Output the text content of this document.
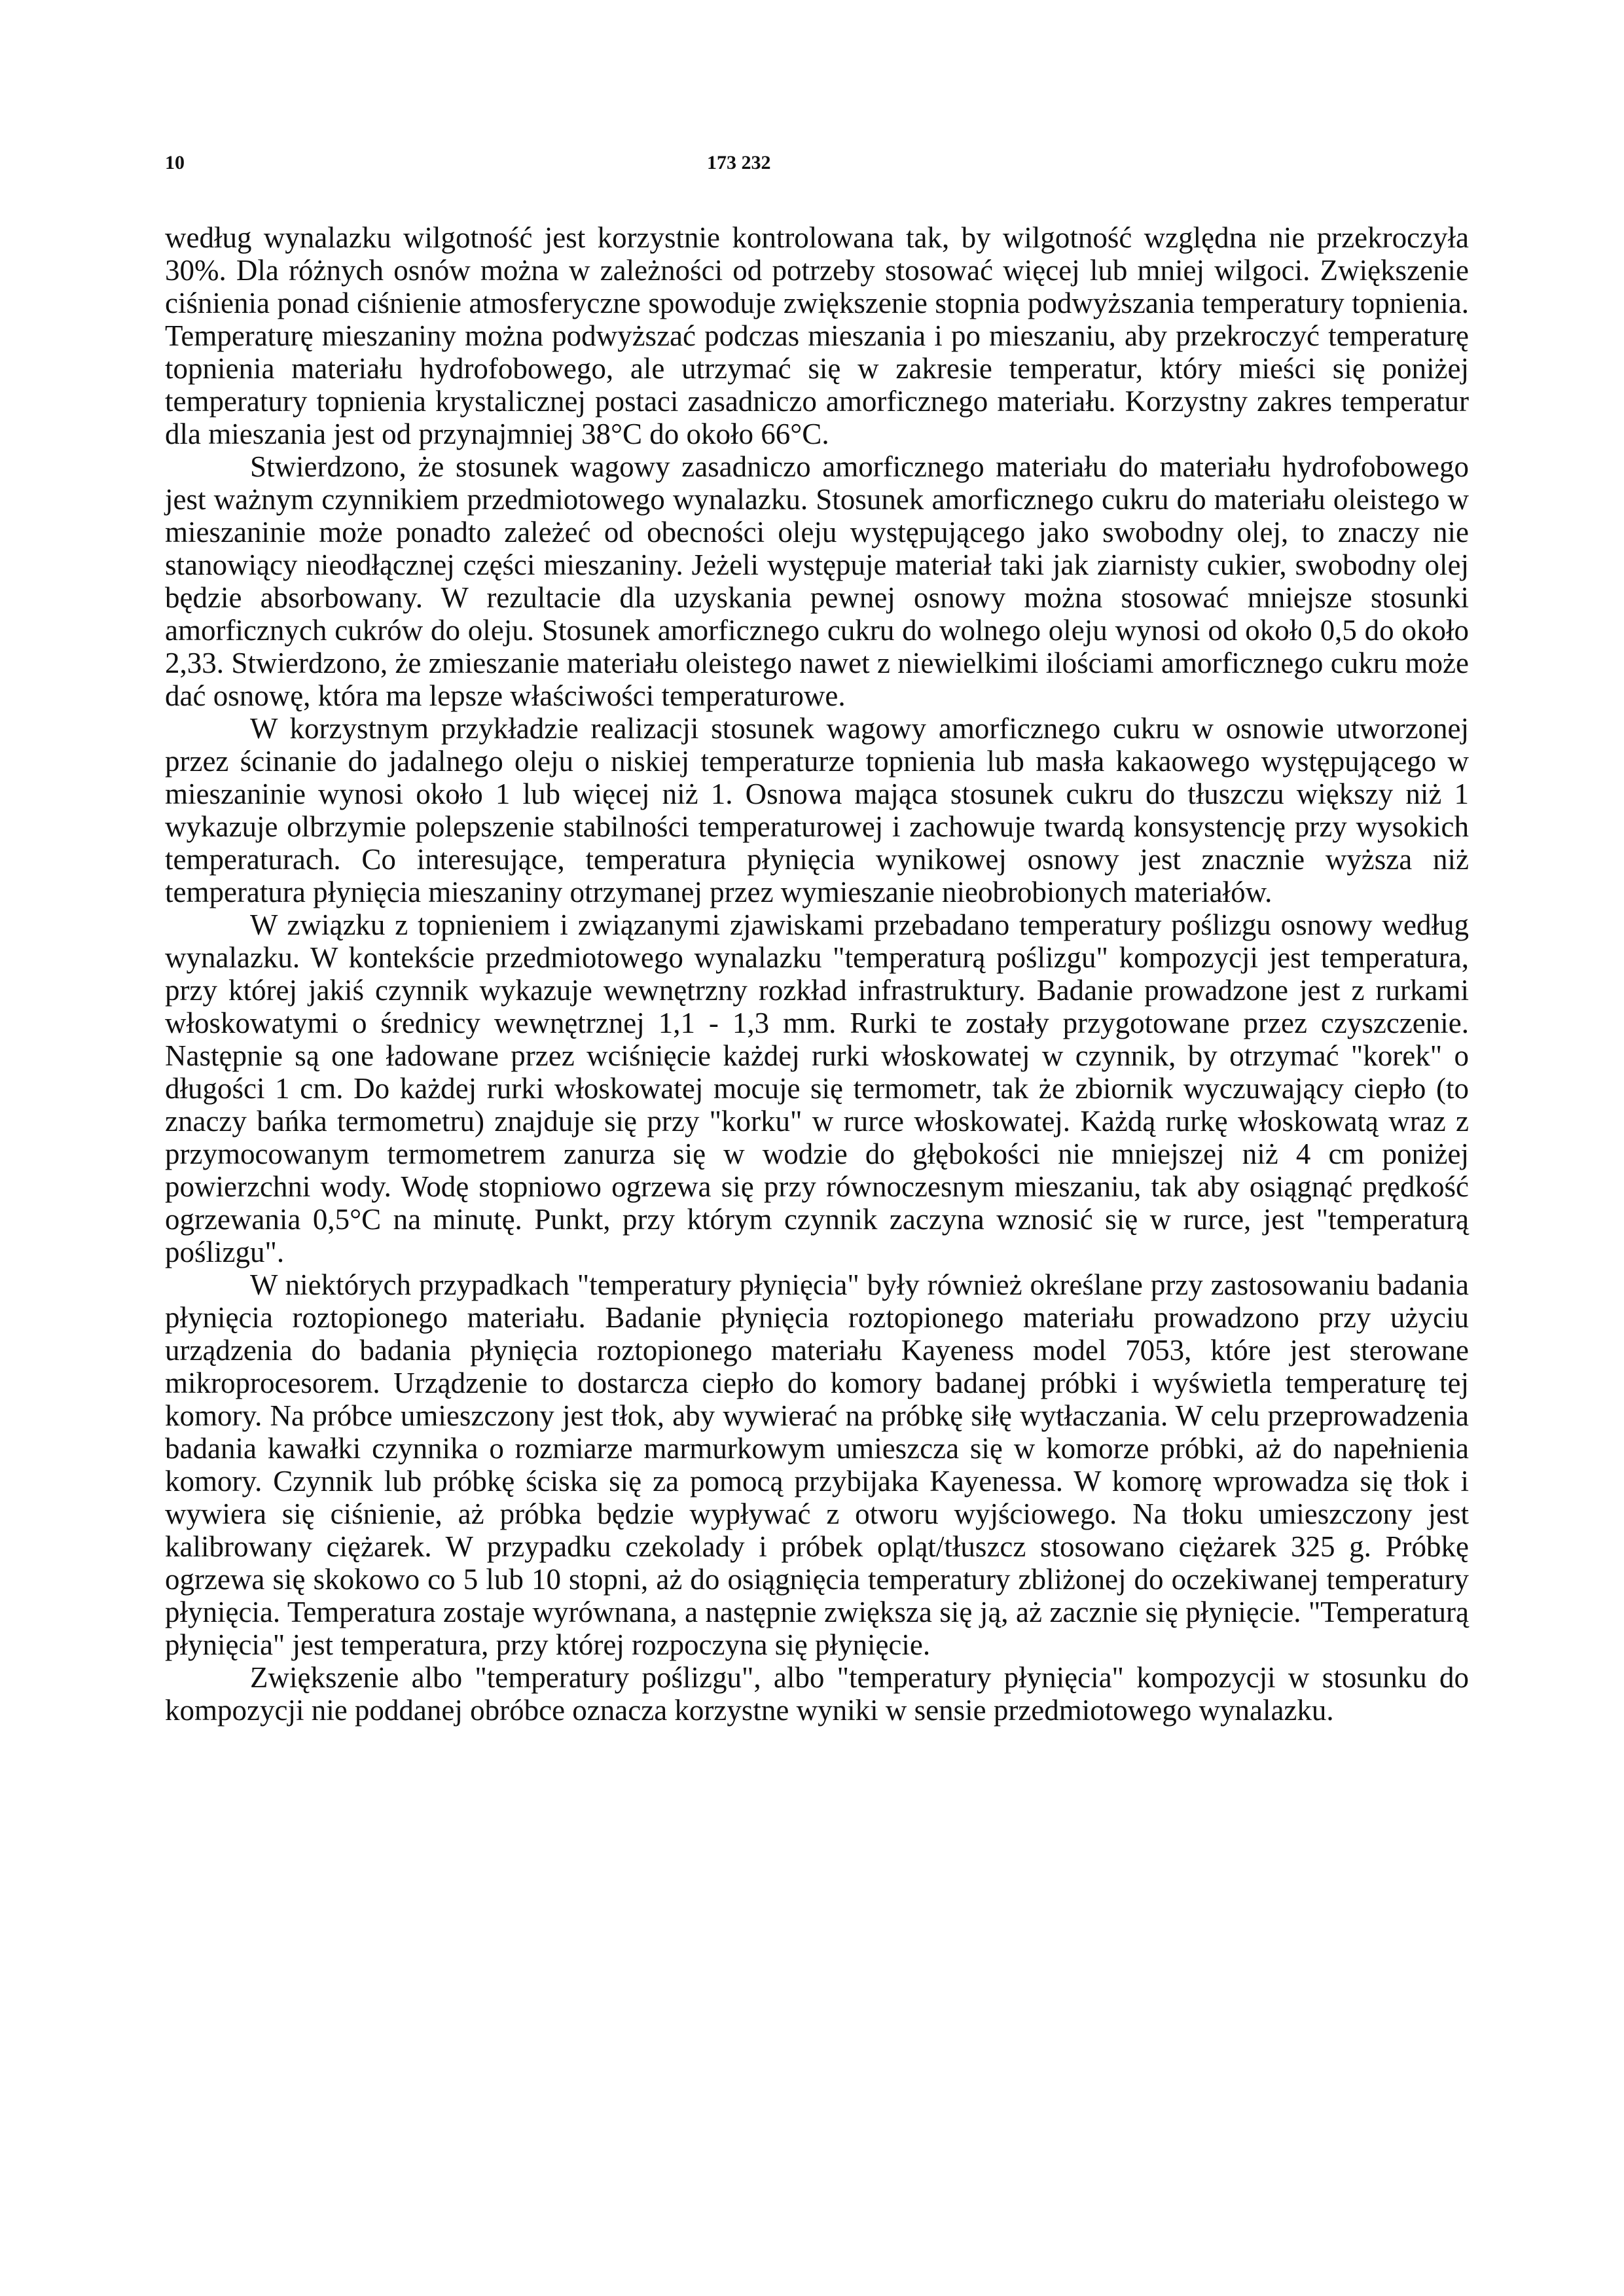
10	173 232

według wynalazku wilgotność jest korzystnie kontrolowana tak, by wilgotność względna nie przekroczyła 30%. Dla różnych osnów można w zależności od potrzeby stosować więcej lub mniej wilgoci. Zwiększenie ciśnienia ponad ciśnienie atmosferyczne spowoduje zwiększenie stopnia podwyższania temperatury topnienia. Temperaturę mieszaniny można podwyższać podczas mieszania i po mieszaniu, aby przekroczyć temperaturę topnienia materiału hydrofobowego, ale utrzymać się w zakresie temperatur, który mieści się poniżej temperatury topnienia krystalicznej postaci zasadniczo amorficznego materiału. Korzystny zakres temperatur dla mieszania jest od przynajmniej 38°C do około 66°C.

Stwierdzono, że stosunek wagowy zasadniczo amorficznego materiału do materiału hydrofobowego jest ważnym czynnikiem przedmiotowego wynalazku. Stosunek amorficznego cukru do materiału oleistego w mieszaninie może ponadto zależeć od obecności oleju występującego jako swobodny olej, to znaczy nie stanowiący nieodłącznej części mieszaniny. Jeżeli występuje materiał taki jak ziarnisty cukier, swobodny olej będzie absorbowany. W rezultacie dla uzyskania pewnej osnowy można stosować mniejsze stosunki amorficznych cukrów do oleju. Stosunek amorficznego cukru do wolnego oleju wynosi od około 0,5 do około 2,33. Stwierdzono, że zmieszanie materiału oleistego nawet z niewielkimi ilościami amorficznego cukru może dać osnowę, która ma lepsze właściwości temperaturowe.

W korzystnym przykładzie realizacji stosunek wagowy amorficznego cukru w osnowie utworzonej przez ścinanie do jadalnego oleju o niskiej temperaturze topnienia lub masła kakaowego występującego w mieszaninie wynosi około 1 lub więcej niż 1. Osnowa mająca stosunek cukru do tłuszczu większy niż 1 wykazuje olbrzymie polepszenie stabilności temperaturowej i zachowuje twardą konsystencję przy wysokich temperaturach. Co interesujące, temperatura płynięcia wynikowej osnowy jest znacznie wyższa niż temperatura płynięcia mieszaniny otrzymanej przez wymieszanie nieobrobionych materiałów.

W związku z topnieniem i związanymi zjawiskami przebadano temperatury poślizgu osnowy według wynalazku. W kontekście przedmiotowego wynalazku "temperaturą poślizgu" kompozycji jest temperatura, przy której jakiś czynnik wykazuje wewnętrzny rozkład infrastruktury. Badanie prowadzone jest z rurkami włoskowatymi o średnicy wewnętrznej 1,1 - 1,3 mm. Rurki te zostały przygotowane przez czyszczenie. Następnie są one ładowane przez wciśnięcie każdej rurki włoskowatej w czynnik, by otrzymać "korek" o długości 1 cm. Do każdej rurki włoskowatej mocuje się termometr, tak że zbiornik wyczuwający ciepło (to znaczy bańka termometru) znajduje się przy "korku" w rurce włoskowatej. Każdą rurkę włoskowatą wraz z przymocowanym termometrem zanurza się w wodzie do głębokości nie mniejszej niż 4 cm poniżej powierzchni wody. Wodę stopniowo ogrzewa się przy równoczesnym mieszaniu, tak aby osiągnąć prędkość ogrzewania 0,5°C na minutę. Punkt, przy którym czynnik zaczyna wznosić się w rurce, jest "temperaturą poślizgu".

W niektórych przypadkach "temperatury płynięcia" były również określane przy zastosowaniu badania płynięcia roztopionego materiału. Badanie płynięcia roztopionego materiału prowadzono przy użyciu urządzenia do badania płynięcia roztopionego materiału Kayeness model 7053, które jest sterowane mikroprocesorem. Urządzenie to dostarcza ciepło do komory badanej próbki i wyświetla temperaturę tej komory. Na próbce umieszczony jest tłok, aby wywierać na próbkę siłę wytłaczania. W celu przeprowadzenia badania kawałki czynnika o rozmiarze marmurkowym umieszcza się w komorze próbki, aż do napełnienia komory. Czynnik lub próbkę ściska się za pomocą przybijaka Kayenessa. W komorę wprowadza się tłok i wywiera się ciśnienie, aż próbka będzie wypływać z otworu wyjściowego. Na tłoku umieszczony jest kalibrowany ciężarek. W przypadku czekolady i próbek opląt/tłuszcz stosowano ciężarek 325 g. Próbkę ogrzewa się skokowo co 5 lub 10 stopni, aż do osiągnięcia temperatury zbliżonej do oczekiwanej temperatury płynięcia. Temperatura zostaje wyrównana, a następnie zwiększa się ją, aż zacznie się płynięcie. "Temperaturą płynięcia" jest temperatura, przy której rozpoczyna się płynięcie.

Zwiększenie albo "temperatury poślizgu", albo "temperatury płynięcia" kompozycji w stosunku do kompozycji nie poddanej obróbce oznacza korzystne wyniki w sensie przedmiotowego wynalazku.
